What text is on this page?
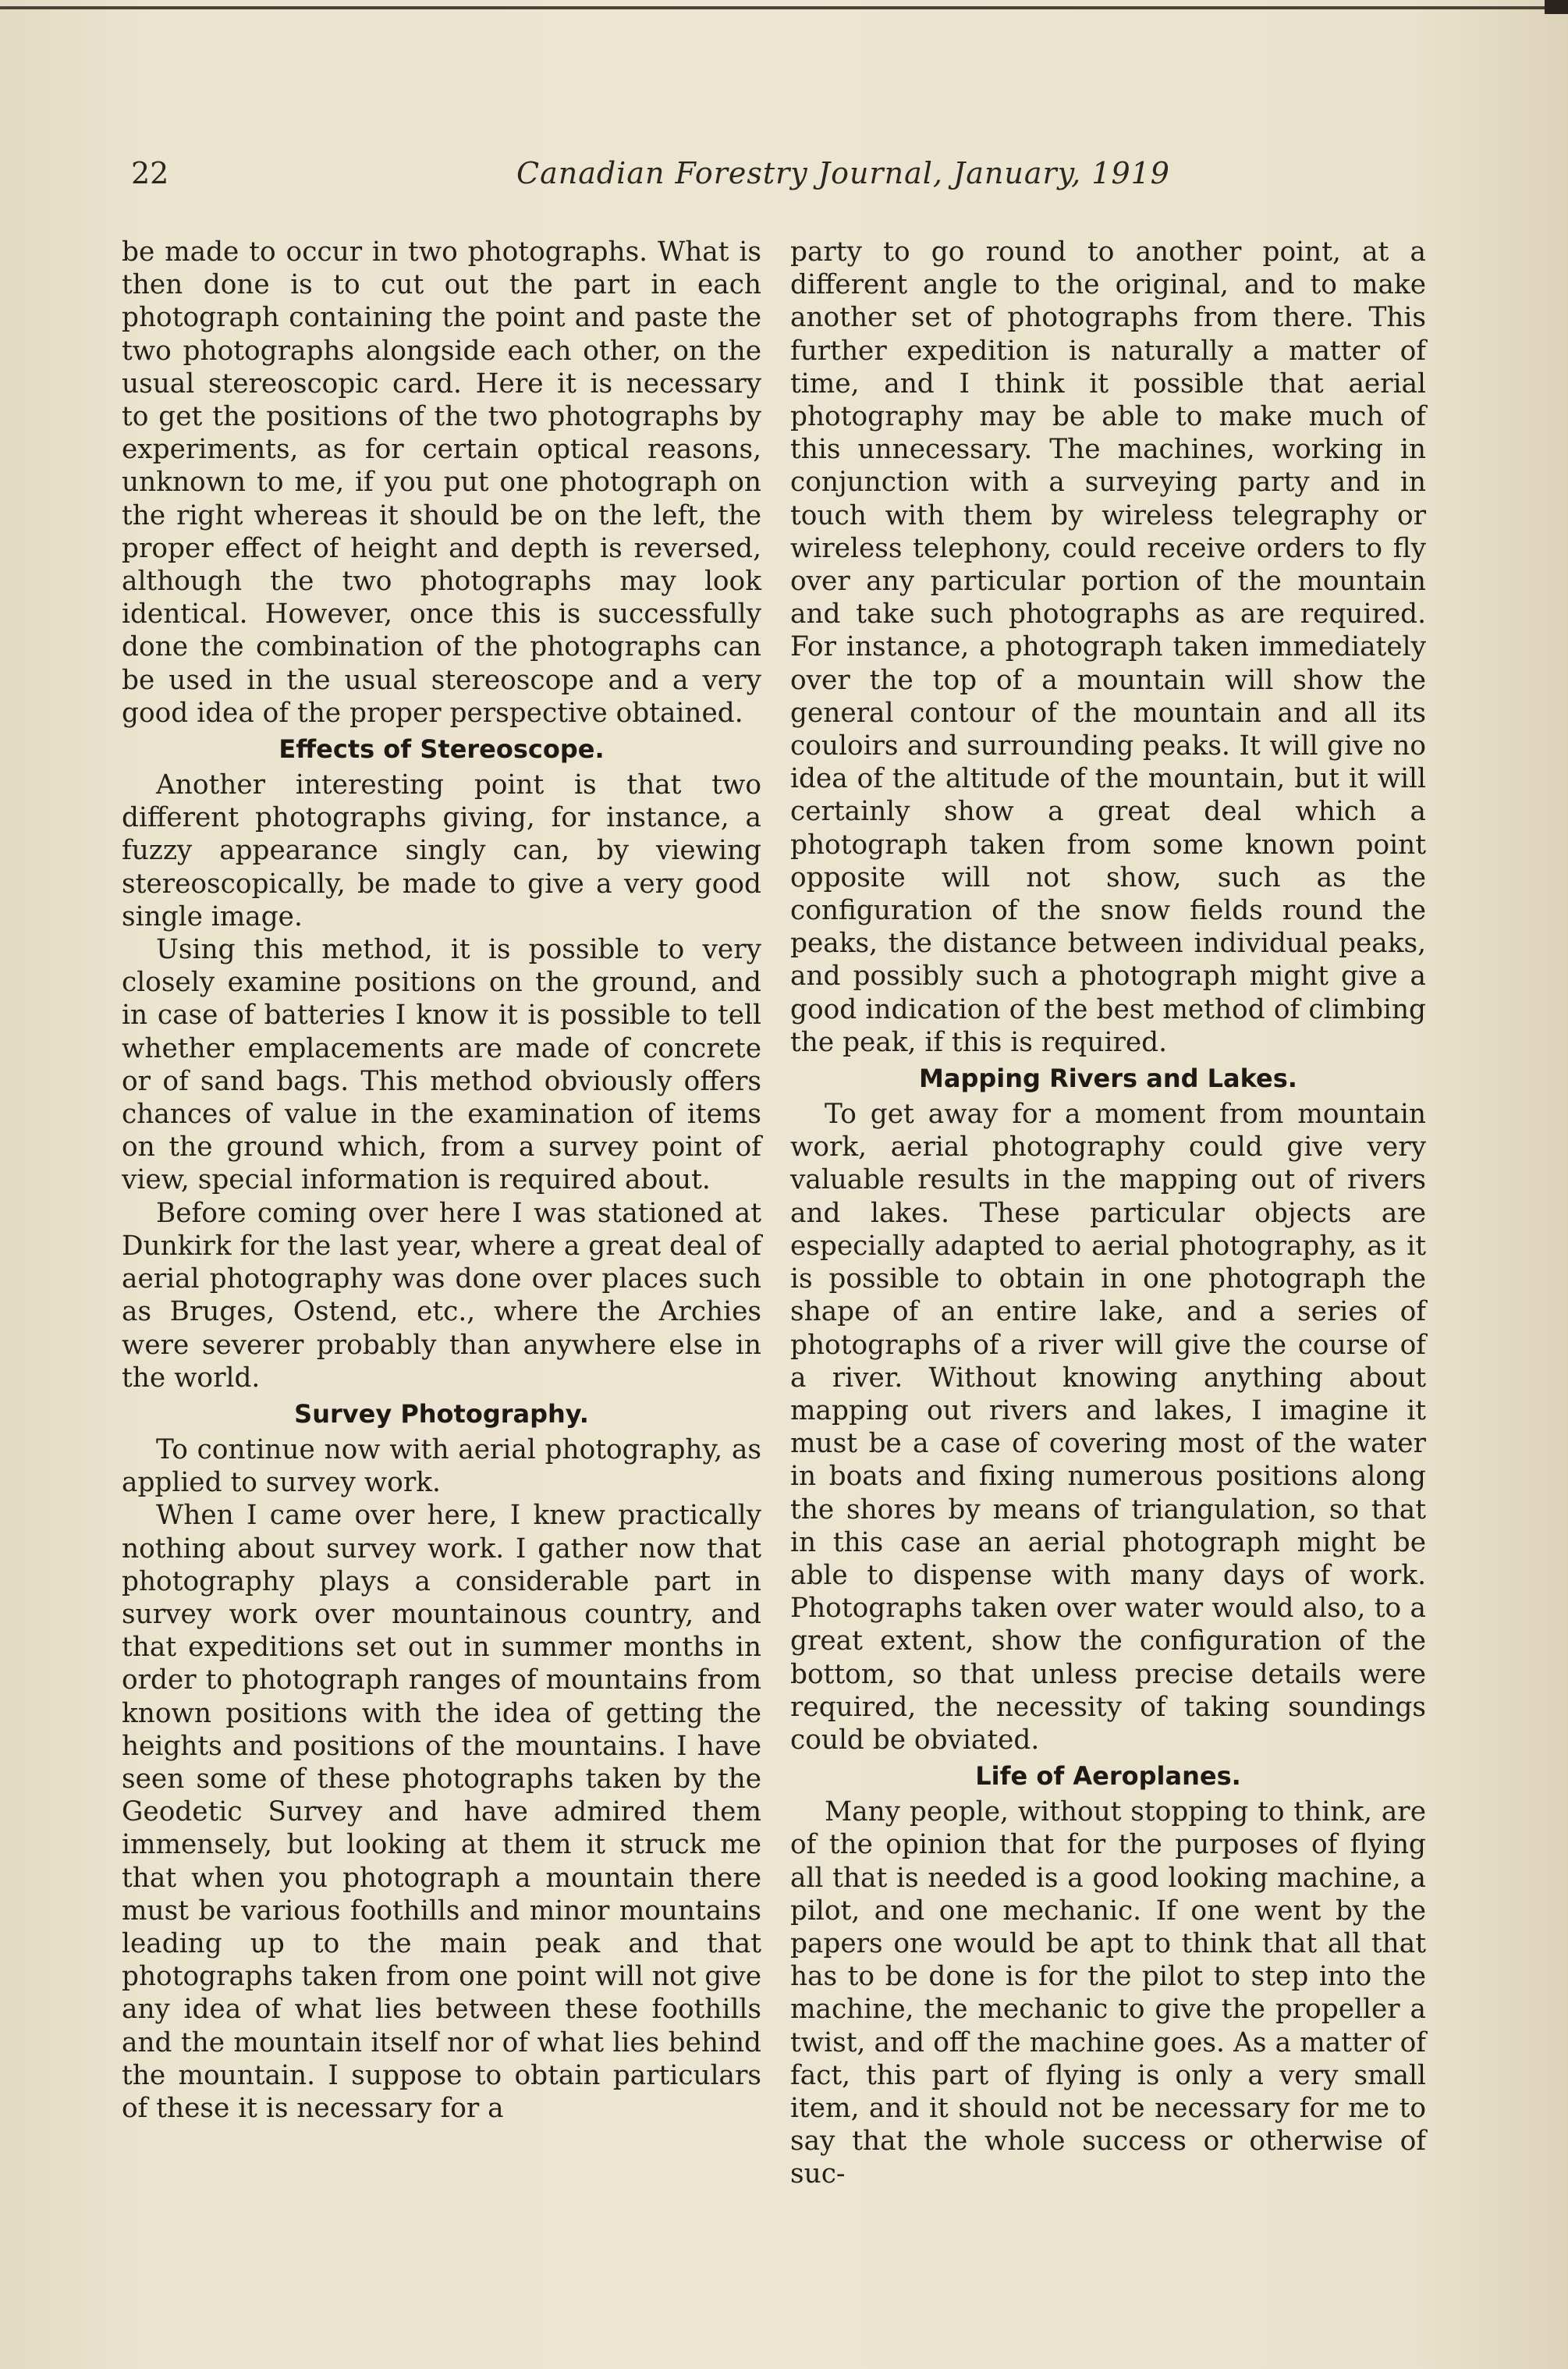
22	Canadian Forestry Journal, January, 1919

be made to occur in two photographs. What is then done is to cut out the part in each photograph containing the point and paste the two photographs alongside each other, on the usual stereoscopic card. Here it is necessary to get the positions of the two photographs by experiments, as for certain optical reasons, unknown to me, if you put one photograph on the right whereas it should be on the left, the proper effect of height and depth is reversed, although the two photographs may look identical. However, once this is successfully done the combination of the photographs can be used in the usual stereoscope and a very good idea of the proper perspective obtained.

Effects of Stereoscope.

Another interesting point is that two different photographs giving, for instance, a fuzzy appearance singly can, by viewing stereoscopically, be made to give a very good single image.

Using this method, it is possible to very closely examine positions on the ground, and in case of batteries I know it is possible to tell whether emplacements are made of concrete or of sand bags. This method obviously offers chances of value in the examination of items on the ground which, from a survey point of view, special information is required about.

Before coming over here I was stationed at Dunkirk for the last year, where a great deal of aerial photography was done over places such as Bruges, Ostend, etc., where the Archies were severer probably than anywhere else in the world.

Survey Photography.

To continue now with aerial photography, as applied to survey work.

When I came over here, I knew practically nothing about survey work. I gather now that photography plays a considerable part in survey work over mountainous country, and that expeditions set out in summer months in order to photograph ranges of mountains from known positions with the idea of getting the heights and positions of the mountains. I have seen some of these photographs taken by the Geodetic Survey and have admired them immensely, but looking at them it struck me that when you photograph a mountain there must be various foothills and minor mountains leading up to the main peak and that photographs taken from one point will not give any idea of what lies between these foothills and the mountain itself nor of what lies behind the mountain. I suppose to obtain particulars of these it is necessary for a

party to go round to another point, at a different angle to the original, and to make another set of photographs from there. This further expedition is naturally a matter of time, and I think it possible that aerial photography may be able to make much of this unnecessary. The machines, working in conjunction with a surveying party and in touch with them by wireless telegraphy or wireless telephony, could receive orders to fly over any particular portion of the mountain and take such photographs as are required. For instance, a photograph taken immediately over the top of a mountain will show the general contour of the mountain and all its couloirs and surrounding peaks. It will give no idea of the altitude of the mountain, but it will certainly show a great deal which a photograph taken from some known point opposite will not show, such as the configuration of the snow fields round the peaks, the distance between individual peaks, and possibly such a photograph might give a good indication of the best method of climbing the peak, if this is required.

Mapping Rivers and Lakes.

To get away for a moment from mountain work, aerial photography could give very valuable results in the mapping out of rivers and lakes. These particular objects are especially adapted to aerial photography, as it is possible to obtain in one photograph the shape of an entire lake, and a series of photographs of a river will give the course of a river. Without knowing anything about mapping out rivers and lakes, I imagine it must be a case of covering most of the water in boats and fixing numerous positions along the shores by means of triangulation, so that in this case an aerial photograph might be able to dispense with many days of work. Photographs taken over water would also, to a great extent, show the configuration of the bottom, so that unless precise details were required, the necessity of taking soundings could be obviated.

Life of Aeroplanes.

Many people, without stopping to think, are of the opinion that for the purposes of flying all that is needed is a good looking machine, a pilot, and one mechanic. If one went by the papers one would be apt to think that all that has to be done is for the pilot to step into the machine, the mechanic to give the propeller a twist, and off the machine goes. As a matter of fact, this part of flying is only a very small item, and it should not be necessary for me to say that the whole success or otherwise of suc-
